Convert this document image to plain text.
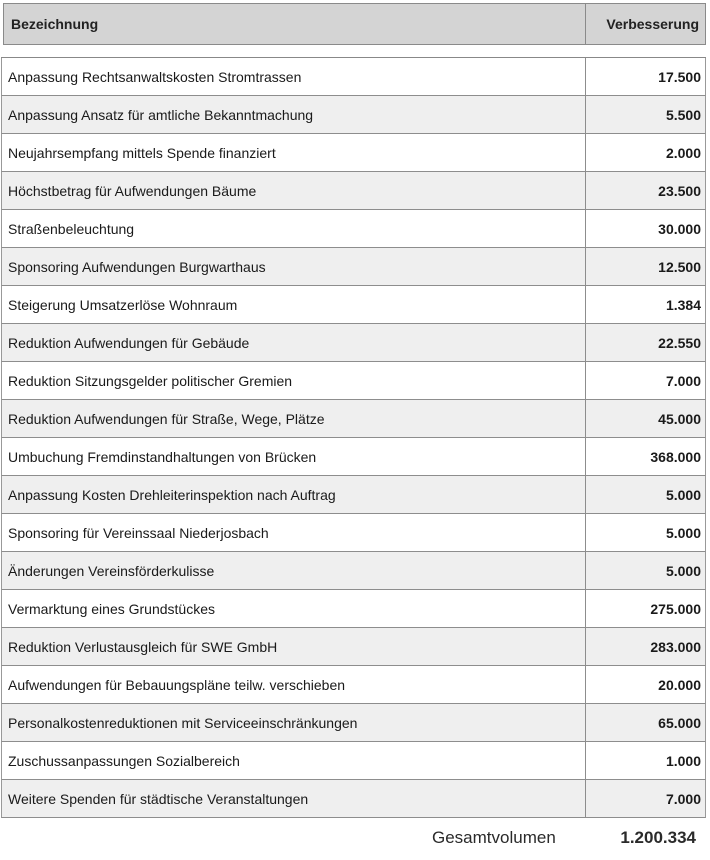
Bezeichnung	Verbesserung
Anpassung Rechtsanwaltskosten Stromtrassen	17.500
Anpassung Ansatz für amtliche Bekanntmachung	5.500
Neujahrsempfang mittels Spende finanziert	2.000
Höchstbetrag für Aufwendungen Bäume	23.500
Straßenbeleuchtung	30.000
Sponsoring Aufwendungen Burgwarthaus	12.500
Steigerung Umsatzerlöse Wohnraum	1.384
Reduktion Aufwendungen für Gebäude	22.550
Reduktion Sitzungsgelder politischer Gremien	7.000
Reduktion Aufwendungen für Straße, Wege, Plätze	45.000
Umbuchung Fremdinstandhaltungen von Brücken	368.000
Anpassung Kosten Drehleiterinspektion nach Auftrag	5.000
Sponsoring für Vereinssaal Niederjosbach	5.000
Änderungen Vereinsförderkulisse	5.000
Vermarktung eines Grundstückes	275.000
Reduktion Verlustausgleich für SWE GmbH	283.000
Aufwendungen für Bebauungspläne teilw. verschieben	20.000
Personalkostenreduktionen mit Serviceeinschränkungen	65.000
Zuschussanpassungen Sozialbereich	1.000
Weitere Spenden für städtische Veranstaltungen	7.000
Gesamtvolumen	1.200.334
